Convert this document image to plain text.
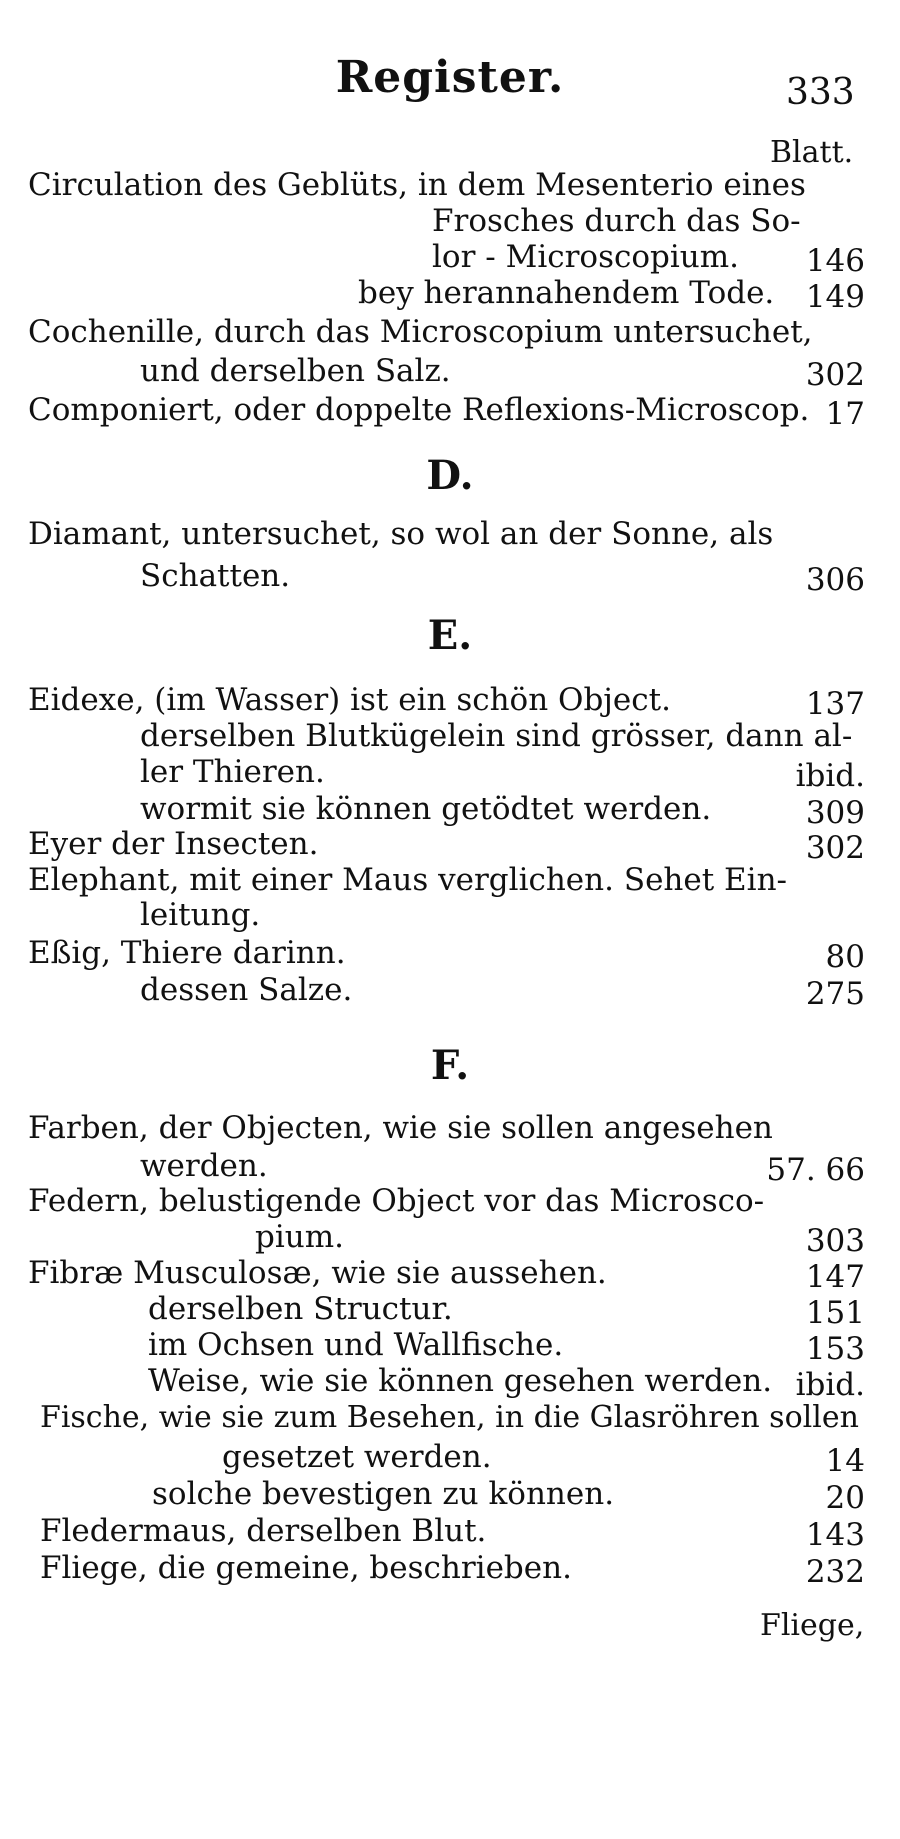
Register.	333
Blatt.
Circulation des Geblüts, in dem Mesenterio eines
Frosches durch das So-
lor - Microscopium. 146
bey herannahendem Tode. 149
Cochenille, durch das Microscopium untersuchet,
und derselben Salz.	302
Componiert, oder doppelte Reflexions-Microscop. 17
D.
Diamant, untersuchet, so wol an der Sonne, als
Schatten.	306
E.
Eidexe, (im Wasser) ist ein schön Object.	137
derselben Blutkügelein sind grösser, dann al-
ler Thieren.	ibid.
wormit sie können getödtet werden.	309
Eyer der Insecten.	302
Elephant, mit einer Maus verglichen. Sehet Ein-
leitung.
Eßig, Thiere darinn.	80
dessen Salze.	275
F.
Farben, der Objecten, wie sie sollen angesehen
werden.	57. 66
Federn, belustigende Object vor das Microsco-
pium.	303
Fibræ Musculosæ, wie sie aussehen.	147
derselben Structur.	151
im Ochsen und Wallfische.	153
Weise, wie sie können gesehen werden. ibid.
Fische, wie sie zum Besehen, in die Glasröhren sollen
gesetzet werden.	14
solche bevestigen zu können.	20
Fledermaus, derselben Blut.	143
Fliege, die gemeine, beschrieben.	232
Fliege,
